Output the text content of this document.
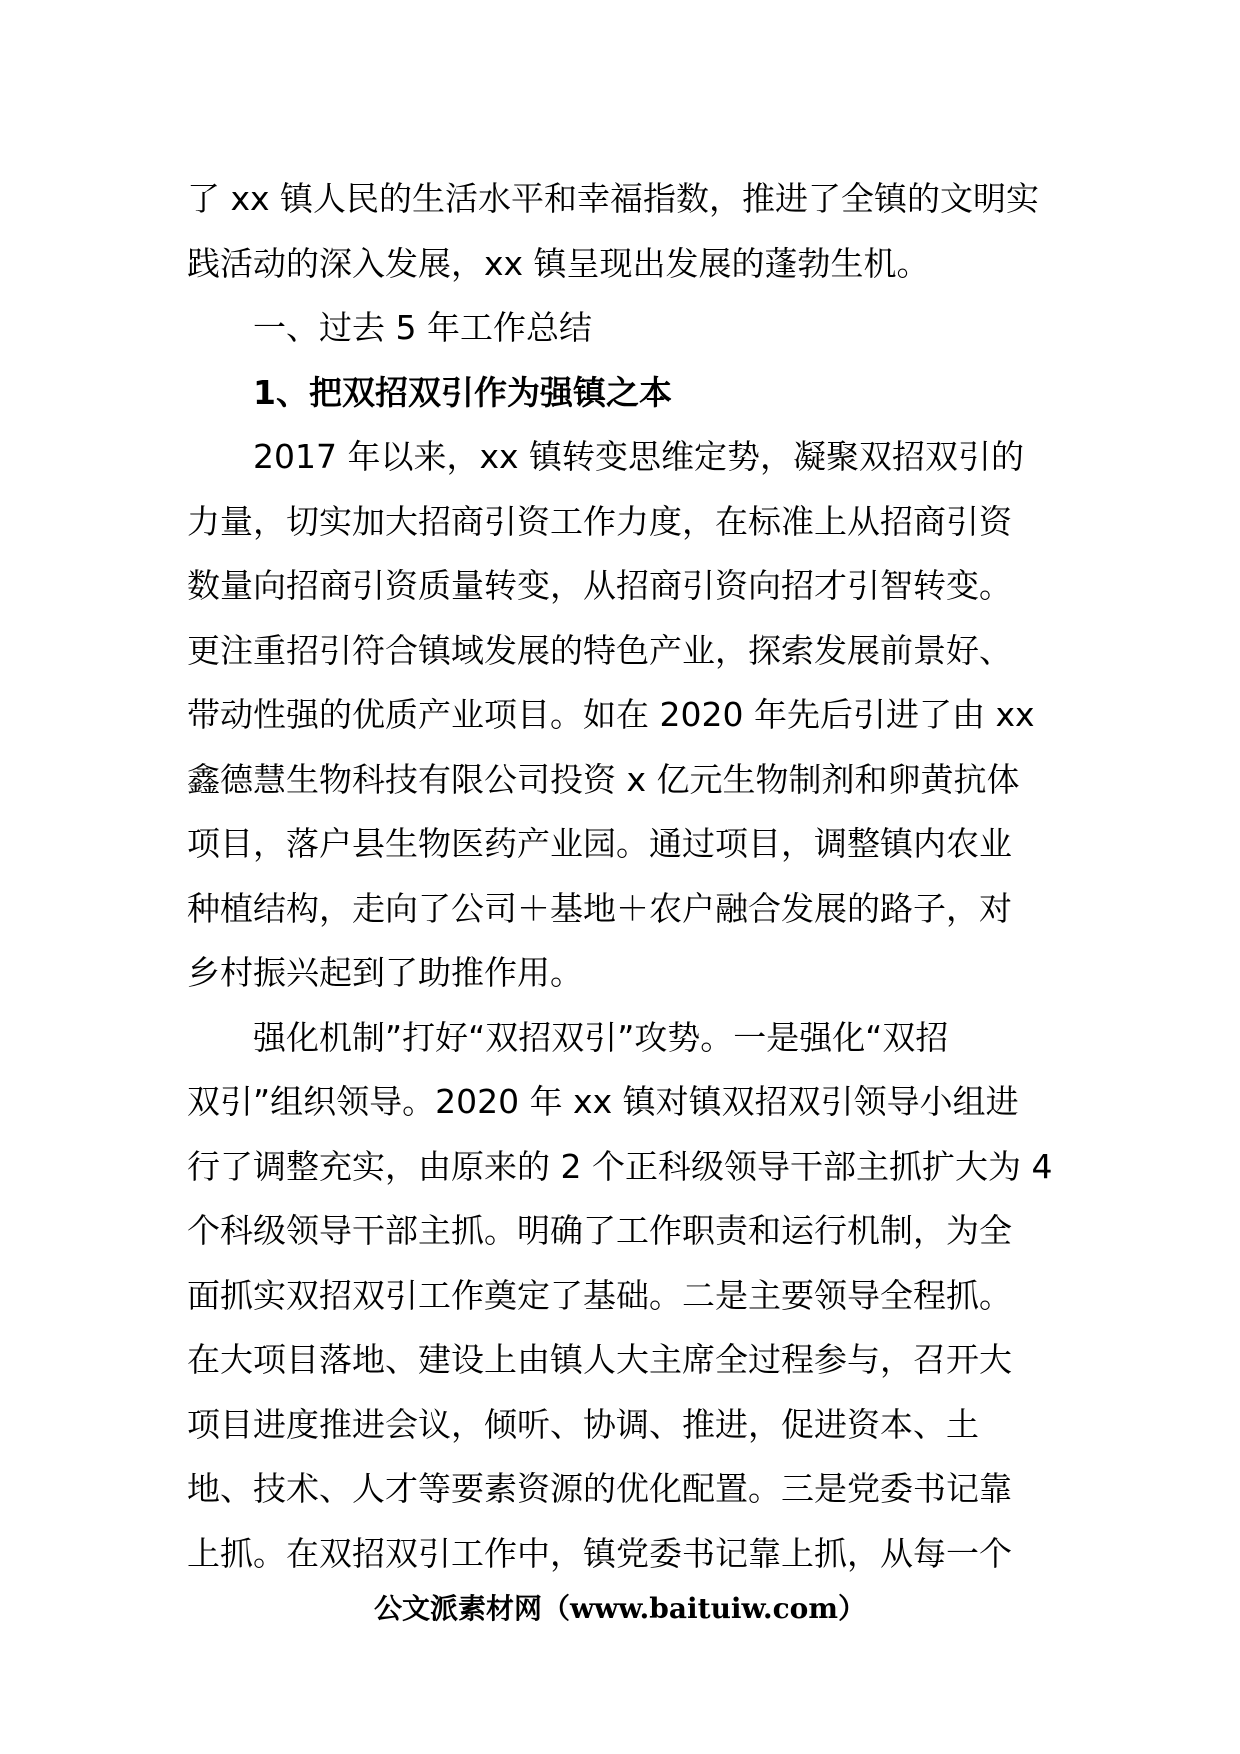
了 xx 镇人民的生活水平和幸福指数，推进了全镇的文明实
践活动的深入发展，xx 镇呈现出发展的蓬勃生机。
一、过去 5 年工作总结
1、把双招双引作为强镇之本
2017 年以来，xx 镇转变思维定势，凝聚双招双引的
力量，切实加大招商引资工作力度，在标准上从招商引资
数量向招商引资质量转变，从招商引资向招才引智转变。
更注重招引符合镇域发展的特色产业，探索发展前景好、
带动性强的优质产业项目。如在 2020 年先后引进了由 xx
鑫德慧生物科技有限公司投资 x 亿元生物制剂和卵黄抗体
项目，落户县生物医药产业园。通过项目，调整镇内农业
种植结构，走向了公司＋基地＋农户融合发展的路子，对
乡村振兴起到了助推作用。
强化机制”打好“双招双引”攻势。一是强化“双招
双引”组织领导。2020 年 xx 镇对镇双招双引领导小组进
行了调整充实，由原来的 2 个正科级领导干部主抓扩大为 4
个科级领导干部主抓。明确了工作职责和运行机制，为全
面抓实双招双引工作奠定了基础。二是主要领导全程抓。
在大项目落地、建设上由镇人大主席全过程参与，召开大
项目进度推进会议，倾听、协调、推进，促进资本、土
地、技术、人才等要素资源的优化配置。三是党委书记靠
上抓。在双招双引工作中，镇党委书记靠上抓，从每一个
公文派素材网（www.baituiw.com）
